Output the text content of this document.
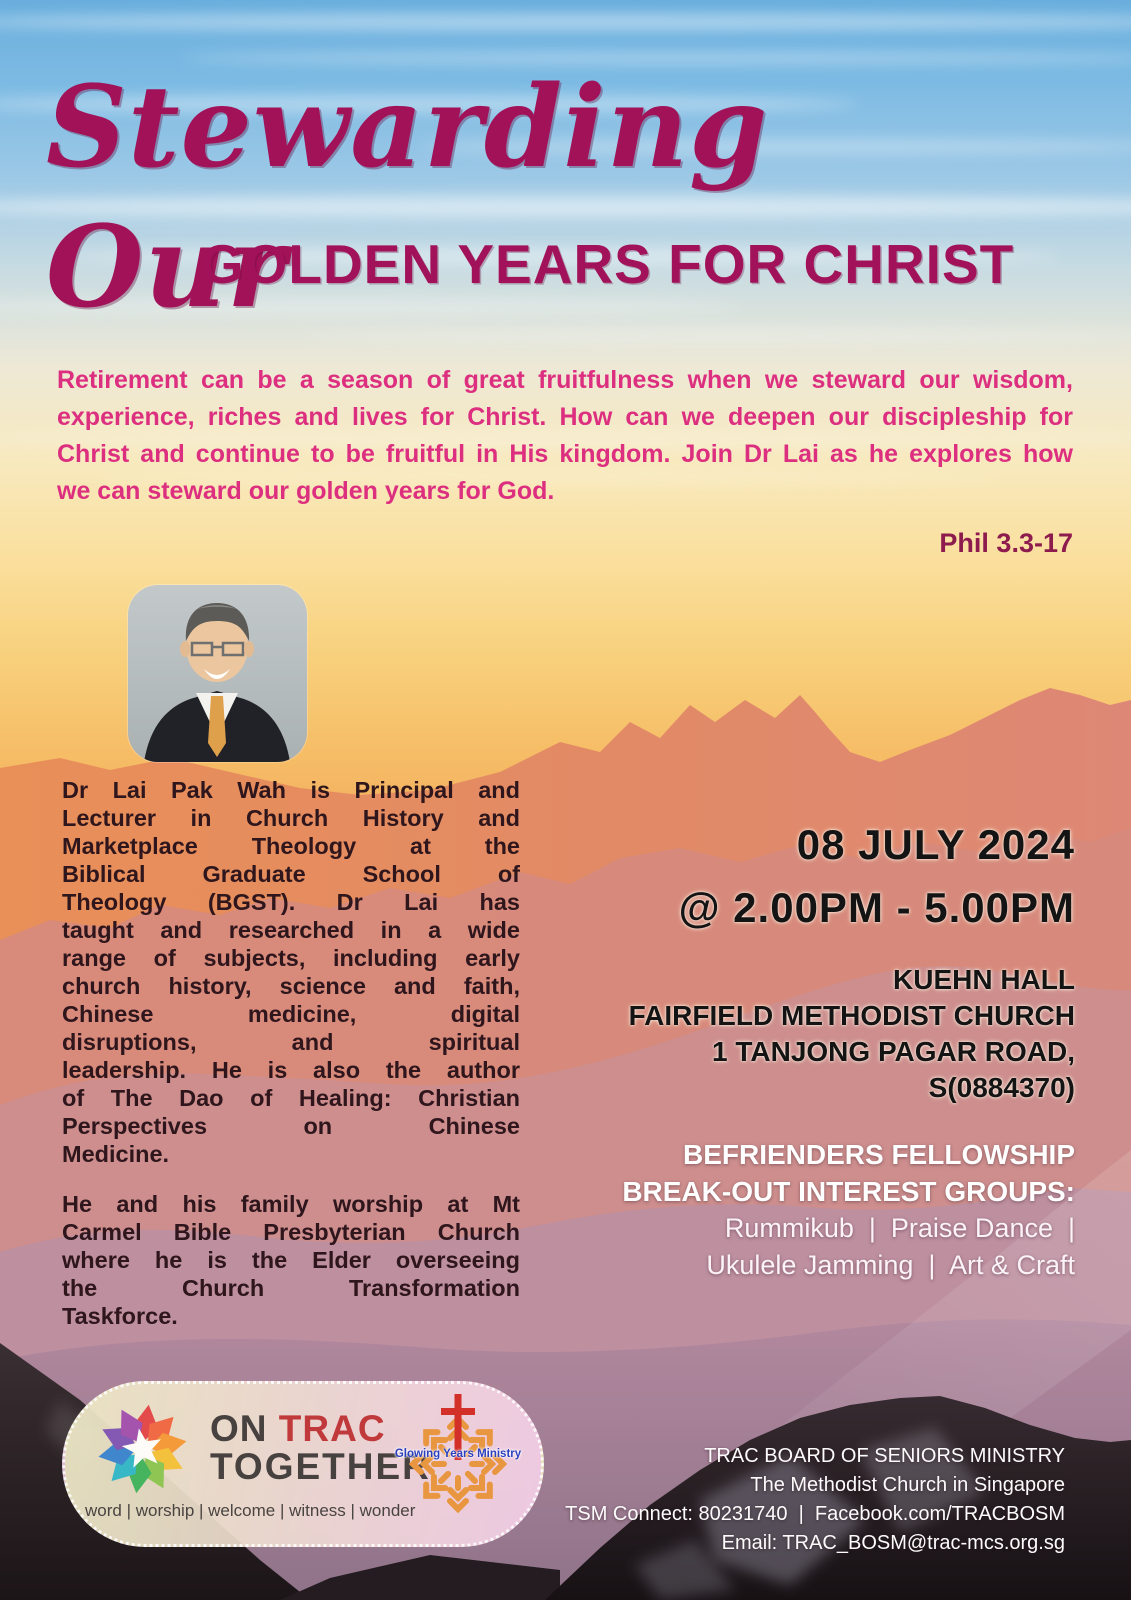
Stewarding Our
GOLDEN YEARS FOR CHRIST
Retirement can be a season of great fruitfulness when we steward our wisdom,
experience, riches and lives for Christ. How can we deepen our discipleship for
Christ and continue to be fruitful in His kingdom. Join Dr Lai as he explores how
we can steward our golden years for God.
Phil 3.3-17
Dr Lai Pak Wah is Principal and
Lecturer in Church History and
Marketplace Theology at the
Biblical Graduate School of
Theology (BGST). Dr Lai has
taught and researched in a wide
range of subjects, including early
church history, science and faith,
Chinese medicine, digital
disruptions, and spiritual
leadership. He is also the author
of The Dao of Healing: Christian
Perspectives on Chinese
Medicine.
He and his family worship at Mt
Carmel Bible Presbyterian Church
where he is the Elder overseeing
the Church Transformation
Taskforce.
08 JULY 2024
@ 2.00PM - 5.00PM
KUEHN HALL
FAIRFIELD METHODIST CHURCH
1 TANJONG PAGAR ROAD,
S(0884370)
BEFRIENDERS FELLOWSHIP
BREAK-OUT INTEREST GROUPS:
Rummikub  |  Praise Dance  |
Ukulele Jamming  |  Art & Craft
ON TRAC
TOGETHER
word | worship | welcome | witness | wonder
Glowing Years Ministry	TRAC BOARD OF SENIORS MINISTRY
The Methodist Church in Singapore
TSM Connect: 80231740  |  Facebook.com/TRACBOSM
Email: TRAC_BOSM@trac-mcs.org.sg
